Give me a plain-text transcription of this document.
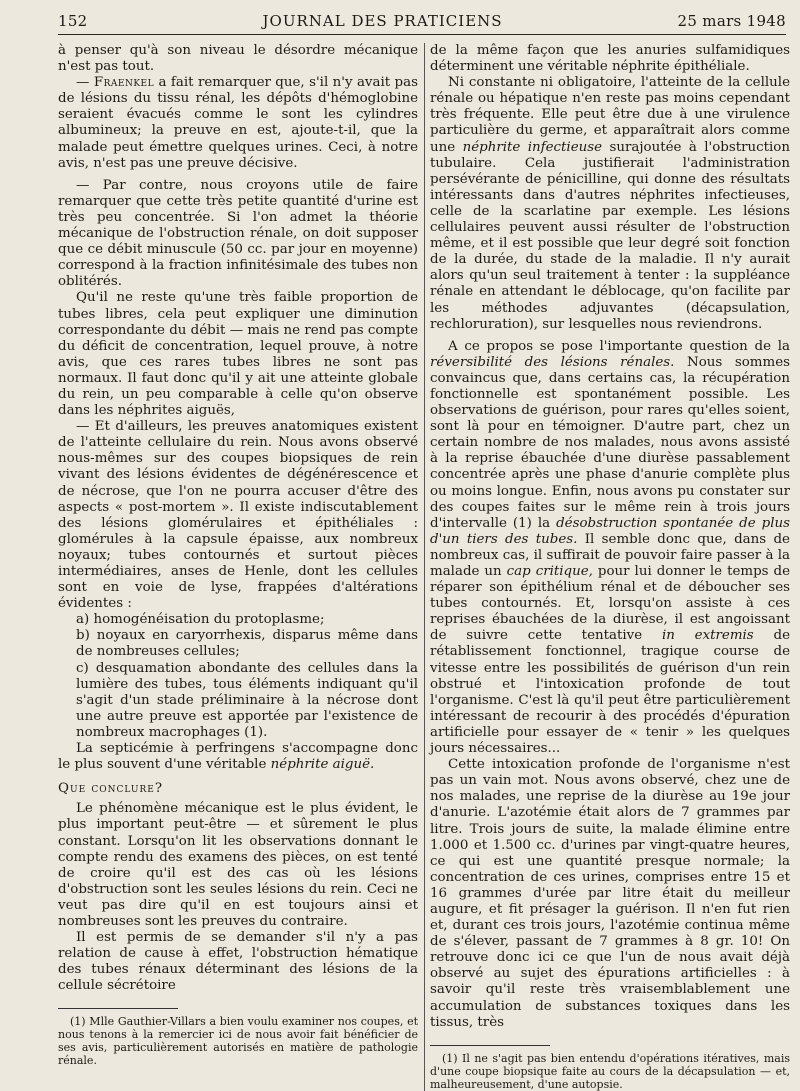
152	JOURNAL DES PRATICIENS	25 mars 1948

à penser qu'à son niveau le désordre mécanique n'est pas tout.

— Fraenkel a fait remarquer que, s'il n'y avait pas de lésions du tissu rénal, les dépôts d'hémoglobine seraient évacués comme le sont les cylindres albumineux; la preuve en est, ajoute-t-il, que la malade peut émettre quelques urines. Ceci, à notre avis, n'est pas une preuve décisive.

— Par contre, nous croyons utile de faire remarquer que cette très petite quantité d'urine est très peu concentrée. Si l'on admet la théorie mécanique de l'obstruction rénale, on doit supposer que ce débit minuscule (50 cc. par jour en moyenne) correspond à la fraction infinitésimale des tubes non oblitérés.

Qu'il ne reste qu'une très faible proportion de tubes libres, cela peut expliquer une diminution correspondante du débit — mais ne rend pas compte du déficit de concentration, lequel prouve, à notre avis, que ces rares tubes libres ne sont pas normaux. Il faut donc qu'il y ait une atteinte globale du rein, un peu comparable à celle qu'on observe dans les néphrites aiguës,

— Et d'ailleurs, les preuves anatomiques existent de l'atteinte cellulaire du rein. Nous avons observé nous-mêmes sur des coupes biopsiques de rein vivant des lésions évidentes de dégénérescence et de nécrose, que l'on ne pourra accuser d'être des aspects « post-mortem ». Il existe indiscutablement des lésions glomérulaires et épithéliales : glomérules à la capsule épaisse, aux nombreux noyaux; tubes contournés et surtout pièces intermédiaires, anses de Henle, dont les cellules sont en voie de lyse, frappées d'altérations évidentes :

a) homogénéisation du protoplasme;

b) noyaux en caryorrhexis, disparus même dans de nombreuses cellules;

c) desquamation abondante des cellules dans la lumière des tubes, tous éléments indiquant qu'il s'agit d'un stade préliminaire à la nécrose dont une autre preuve est apportée par l'existence de nombreux macrophages (1).

La septicémie à perfringens s'accompagne donc le plus souvent d'une véritable néphrite aiguë.

Que conclure?

Le phénomène mécanique est le plus évident, le plus important peut-être — et sûrement le plus constant. Lorsqu'on lit les observations donnant le compte rendu des examens des pièces, on est tenté de croire qu'il est des cas où les lésions d'obstruction sont les seules lésions du rein. Ceci ne veut pas dire qu'il en est toujours ainsi et nombreuses sont les preuves du contraire.

Il est permis de se demander s'il n'y a pas relation de cause à effet, l'obstruction hématique des tubes rénaux déterminant des lésions de la cellule sécrétoire

(1) Mlle Gauthier-Villars a bien voulu examiner nos coupes, et nous tenons à la remercier ici de nous avoir fait bénéficier de ses avis, particulièrement autorisés en matière de pathologie rénale.

de la même façon que les anuries sulfamidiques déterminent une véritable néphrite épithéliale.

Ni constante ni obligatoire, l'atteinte de la cellule rénale ou hépatique n'en reste pas moins cependant très fréquente. Elle peut être due à une virulence particulière du germe, et apparaîtrait alors comme une néphrite infectieuse surajoutée à l'obstruction tubulaire. Cela justifierait l'administration persévérante de pénicilline, qui donne des résultats intéressants dans d'autres néphrites infectieuses, celle de la scarlatine par exemple. Les lésions cellulaires peuvent aussi résulter de l'obstruction même, et il est possible que leur degré soit fonction de la durée, du stade de la maladie. Il n'y aurait alors qu'un seul traitement à tenter : la suppléance rénale en attendant le déblocage, qu'on facilite par les méthodes adjuvantes (décapsulation, rechloruration), sur lesquelles nous reviendrons.

A ce propos se pose l'importante question de la réversibilité des lésions rénales. Nous sommes convaincus que, dans certains cas, la récupération fonctionnelle est spontanément possible. Les observations de guérison, pour rares qu'elles soient, sont là pour en témoigner. D'autre part, chez un certain nombre de nos malades, nous avons assisté à la reprise ébauchée d'une diurèse passablement concentrée après une phase d'anurie complète plus ou moins longue. Enfin, nous avons pu constater sur des coupes faites sur le même rein à trois jours d'intervalle (1) la désobstruction spontanée de plus d'un tiers des tubes. Il semble donc que, dans de nombreux cas, il suffirait de pouvoir faire passer à la malade un cap critique, pour lui donner le temps de réparer son épithélium rénal et de déboucher ses tubes contournés. Et, lorsqu'on assiste à ces reprises ébauchées de la diurèse, il est angoissant de suivre cette tentative in extremis de rétablissement fonctionnel, tragique course de vitesse entre les possibilités de guérison d'un rein obstrué et l'intoxication profonde de tout l'organisme. C'est là qu'il peut être particulièrement intéressant de recourir à des procédés d'épuration artificielle pour essayer de « tenir » les quelques jours nécessaires...

Cette intoxication profonde de l'organisme n'est pas un vain mot. Nous avons observé, chez une de nos malades, une reprise de la diurèse au 19e jour d'anurie. L'azotémie était alors de 7 grammes par litre. Trois jours de suite, la malade élimine entre 1.000 et 1.500 cc. d'urines par vingt-quatre heures, ce qui est une quantité presque normale; la concentration de ces urines, comprises entre 15 et 16 grammes d'urée par litre était du meilleur augure, et fit présager la guérison. Il n'en fut rien et, durant ces trois jours, l'azotémie continua même de s'élever, passant de 7 grammes à 8 gr. 10! On retrouve donc ici ce que l'un de nous avait déjà observé au sujet des épurations artificielles : à savoir qu'il reste très vraisemblablement une accumulation de substances toxiques dans les tissus, très

(1) Il ne s'agit pas bien entendu d'opérations itératives, mais d'une coupe biopsique faite au cours de la décapsulation — et, malheureusement, d'une autopsie.
